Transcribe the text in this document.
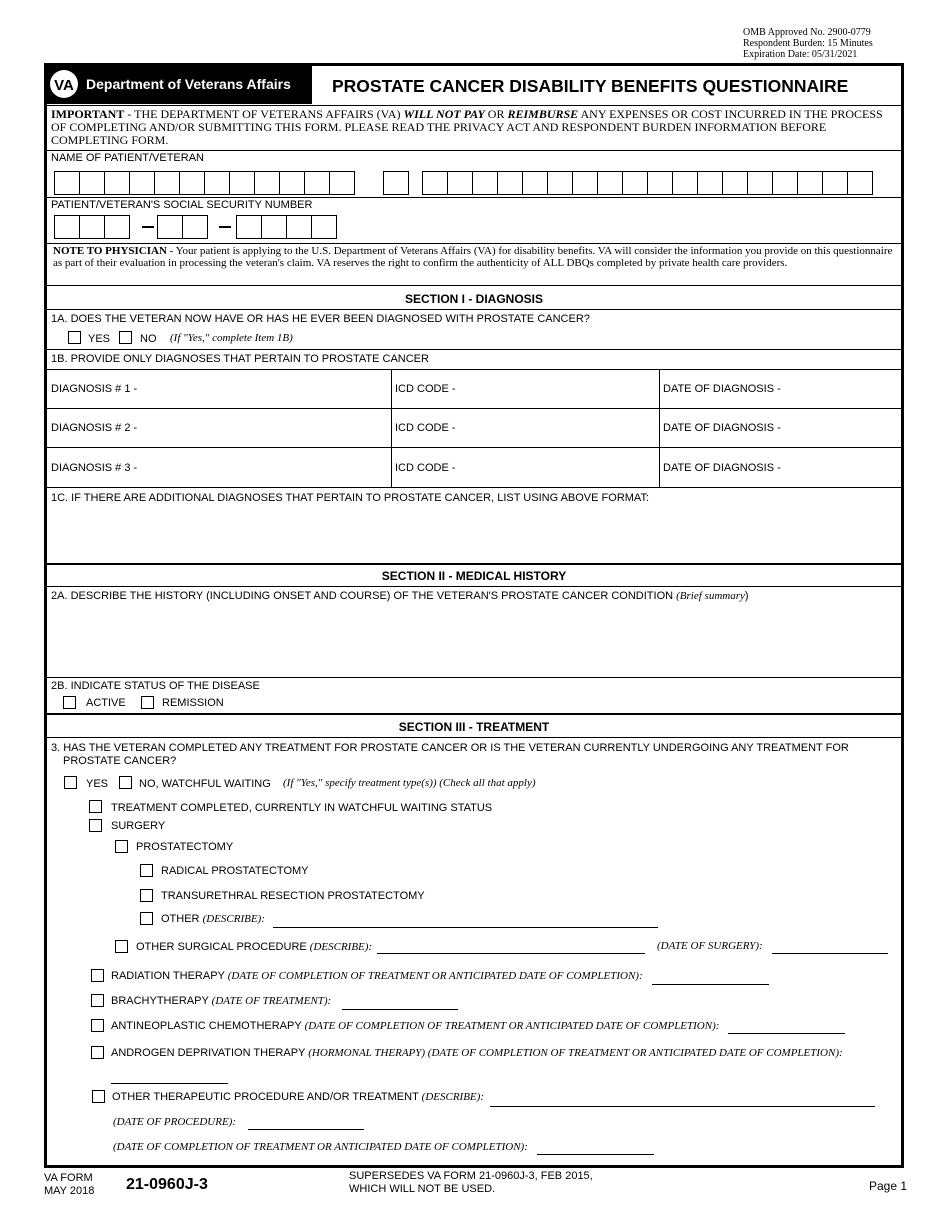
OMB Approved No. 2900-0779
Respondent Burden: 15 Minutes
Expiration Date: 05/31/2021
VA Department of Veterans Affairs PROSTATE CANCER DISABILITY BENEFITS QUESTIONNAIRE
IMPORTANT - THE DEPARTMENT OF VETERANS AFFAIRS (VA) WILL NOT PAY OR REIMBURSE ANY EXPENSES OR COST INCURRED IN THE PROCESS OF COMPLETING AND/OR SUBMITTING THIS FORM. PLEASE READ THE PRIVACY ACT AND RESPONDENT BURDEN INFORMATION BEFORE COMPLETING FORM.
NAME OF PATIENT/VETERAN
PATIENT/VETERAN'S SOCIAL SECURITY NUMBER
NOTE TO PHYSICIAN - Your patient is applying to the U.S. Department of Veterans Affairs (VA) for disability benefits. VA will consider the information you provide on this questionnaire as part of their evaluation in processing the veteran's claim. VA reserves the right to confirm the authenticity of ALL DBQs completed by private health care providers.
SECTION I - DIAGNOSIS
1A. DOES THE VETERAN NOW HAVE OR HAS HE EVER BEEN DIAGNOSED WITH PROSTATE CANCER?
YES	NO (If "Yes," complete Item 1B)
1B. PROVIDE ONLY DIAGNOSES THAT PERTAIN TO PROSTATE CANCER
DIAGNOSIS # 1 -	ICD CODE -	DATE OF DIAGNOSIS -
DIAGNOSIS # 2 -	ICD CODE -	DATE OF DIAGNOSIS -
DIAGNOSIS # 3 -	ICD CODE -	DATE OF DIAGNOSIS -
1C. IF THERE ARE ADDITIONAL DIAGNOSES THAT PERTAIN TO PROSTATE CANCER, LIST USING ABOVE FORMAT:
SECTION II - MEDICAL HISTORY
2A. DESCRIBE THE HISTORY (INCLUDING ONSET AND COURSE) OF THE VETERAN'S PROSTATE CANCER CONDITION (Brief summary)
2B. INDICATE STATUS OF THE DISEASE
ACTIVE	REMISSION
SECTION III - TREATMENT
3. HAS THE VETERAN COMPLETED ANY TREATMENT FOR PROSTATE CANCER OR IS THE VETERAN CURRENTLY UNDERGOING ANY TREATMENT FOR
PROSTATE CANCER?
YES	NO, WATCHFUL WAITING (If "Yes," specify treatment type(s)) (Check all that apply)
TREATMENT COMPLETED, CURRENTLY IN WATCHFUL WAITING STATUS
SURGERY
PROSTATECTOMY
RADICAL PROSTATECTOMY
TRANSURETHRAL RESECTION PROSTATECTOMY
OTHER (DESCRIBE):
OTHER SURGICAL PROCEDURE (DESCRIBE):	(DATE OF SURGERY):
RADIATION THERAPY (DATE OF COMPLETION OF TREATMENT OR ANTICIPATED DATE OF COMPLETION):
BRACHYTHERAPY (DATE OF TREATMENT):
ANTINEOPLASTIC CHEMOTHERAPY (DATE OF COMPLETION OF TREATMENT OR ANTICIPATED DATE OF COMPLETION):
ANDROGEN DEPRIVATION THERAPY (HORMONAL THERAPY) (DATE OF COMPLETION OF TREATMENT OR ANTICIPATED DATE OF COMPLETION):
OTHER THERAPEUTIC PROCEDURE AND/OR TREATMENT (DESCRIBE):
(DATE OF PROCEDURE):
(DATE OF COMPLETION OF TREATMENT OR ANTICIPATED DATE OF COMPLETION):
VA FORM
MAY 2018 21-0960J-3	SUPERSEDES VA FORM 21-0960J-3, FEB 2015,
WHICH WILL NOT BE USED.	Page 1
